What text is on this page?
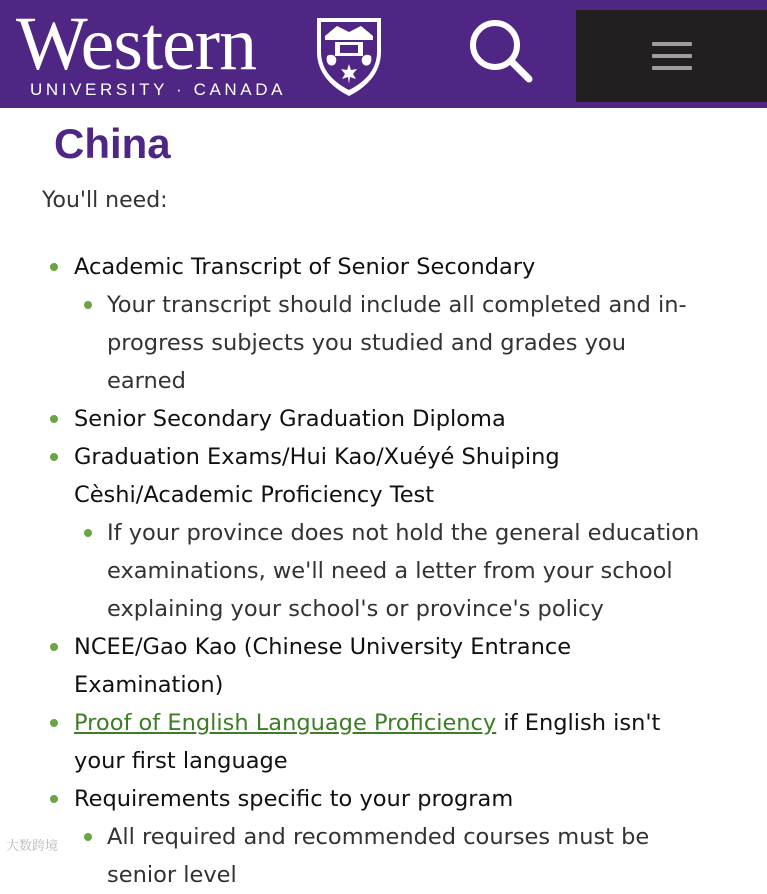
Western
UNIVERSITY · CANADA
China

You'll need:

Academic Transcript of Senior Secondary
Your transcript should include all completed and in-progress subjects you studied and grades you earned
Senior Secondary Graduation Diploma
Graduation Exams/Hui Kao/Xuéyé Shuiping Cèshi/Academic Proficiency Test
If your province does not hold the general education examinations, we'll need a letter from your school explaining your school's or province's policy
NCEE/Gao Kao (Chinese University Entrance Examination)
Proof of English Language Proficiency if English isn't your first language
Requirements specific to your program
All required and recommended courses must be senior level
大数跨境
